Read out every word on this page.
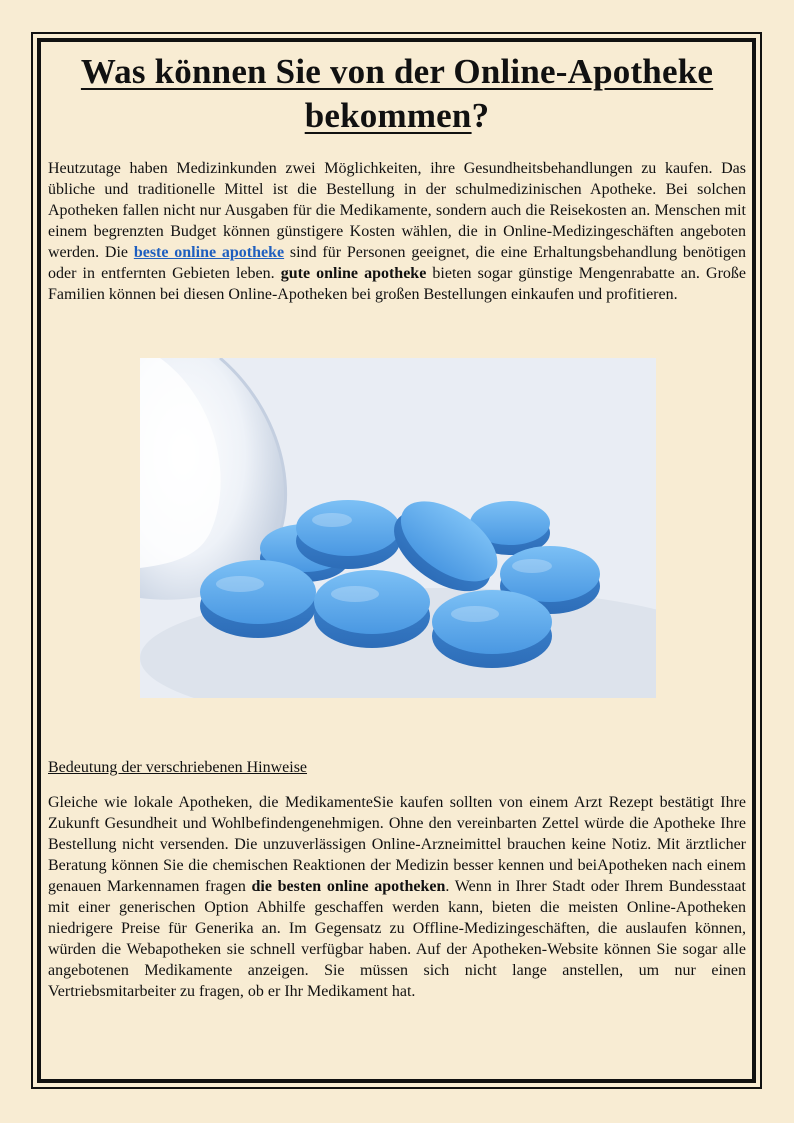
Was können Sie von der Online-Apotheke
bekommen?

Heutzutage haben Medizinkunden zwei Möglichkeiten, ihre Gesundheitsbehandlungen zu kaufen. Das übliche und traditionelle Mittel ist die Bestellung in der schulmedizinischen Apotheke. Bei solchen Apotheken fallen nicht nur Ausgaben für die Medikamente, sondern auch die Reisekosten an. Menschen mit einem begrenzten Budget können günstigere Kosten wählen, die in Online-Medizingeschäften angeboten werden. Die beste online apotheke sind für Personen geeignet, die eine Erhaltungsbehandlung benötigen oder in entfernten Gebieten leben. gute online apotheke bieten sogar günstige Mengenrabatte an. Große Familien können bei diesen Online-Apotheken bei großen Bestellungen einkaufen und profitieren.

Bedeutung der verschriebenen Hinweise

Gleiche wie lokale Apotheken, die MedikamenteSie kaufen sollten von einem Arzt Rezept bestätigt Ihre Zukunft Gesundheit und Wohlbefindengenehmigen. Ohne den vereinbarten Zettel würde die Apotheke Ihre Bestellung nicht versenden. Die unzuverlässigen Online-Arzneimittel brauchen keine Notiz. Mit ärztlicher Beratung können Sie die chemischen Reaktionen der Medizin besser kennen und beiApotheken nach einem genauen Markennamen fragen die besten online apotheken. Wenn in Ihrer Stadt oder Ihrem Bundesstaat mit einer generischen Option Abhilfe geschaffen werden kann, bieten die meisten Online-Apotheken niedrigere Preise für Generika an. Im Gegensatz zu Offline-Medizingeschäften, die auslaufen können, würden die Webapotheken sie schnell verfügbar haben. Auf der Apotheken-Website können Sie sogar alle angebotenen Medikamente anzeigen. Sie müssen sich nicht lange anstellen, um nur einen Vertriebsmitarbeiter zu fragen, ob er Ihr Medikament hat.
